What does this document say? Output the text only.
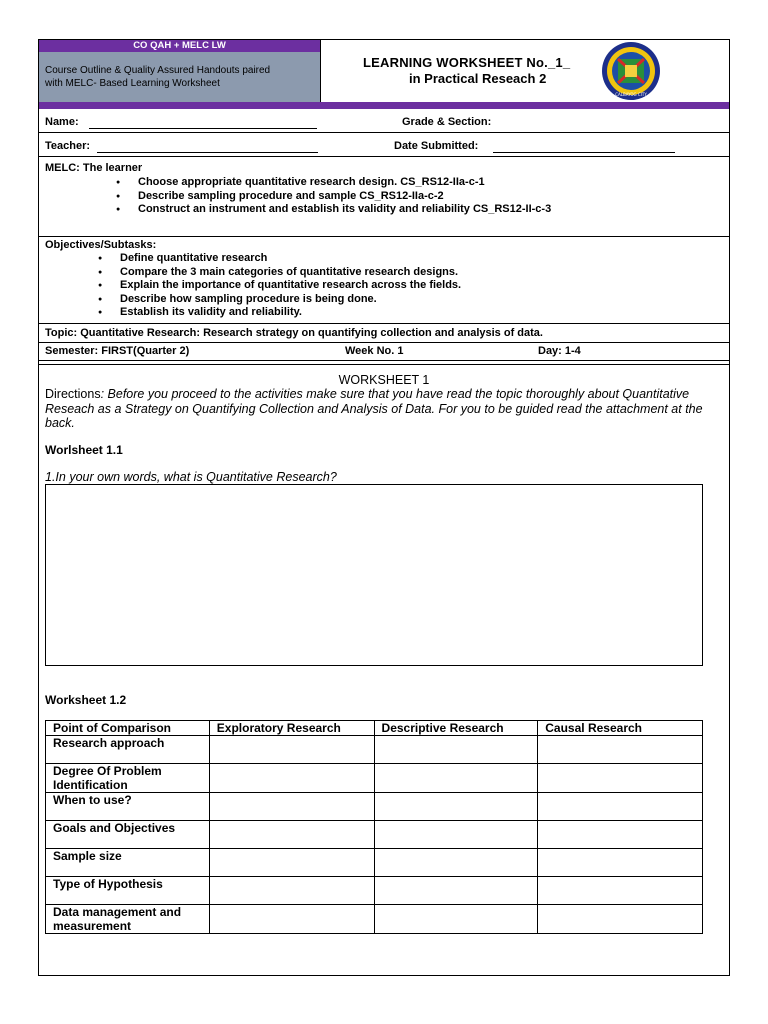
CO QAH + MELC LW
Course Outline & Quality Assured Handouts paired
with MELC- Based Learning Worksheet
LEARNING WORKSHEET No._1_
in Practical Reseach 2
CALBAYOG CITY
Name:	Grade & Section:
Teacher:	Date Submitted:
MELC: The learner
● Choose appropriate quantitative research design. CS_RS12-IIa-c-1
● Describe sampling procedure and sample CS_RS12-IIa-c-2
● Construct an instrument and establish its validity and reliability CS_RS12-II-c-3
Objectives/Subtasks:
● Define quantitative research
● Compare the 3 main categories of quantitative research designs.
● Explain the importance of quantitative research across the fields.
● Describe how sampling procedure is being done.
● Establish its validity and reliability.
Topic: Quantitative Research: Research strategy on quantifying collection and analysis of data.
Semester: FIRST(Quarter 2)	Week No. 1	Day: 1-4
WORKSHEET 1
Directions: Before you proceed to the activities make sure that you have read the topic thoroughly about Quantitative Reseach as a Strategy on Quantifying Collection and Analysis of Data. For you to be guided read the attachment at the back.
Worlsheet 1.1
1.In your own words, what is Quantitative Research?
Worksheet 1.2
Point of Comparison	Exploratory Research	Descriptive Research	Causal Research
Research approach			
Degree Of Problem Identification			
When to use?			
Goals and Objectives			
Sample size			
Type of Hypothesis			
Data management and measurement			
